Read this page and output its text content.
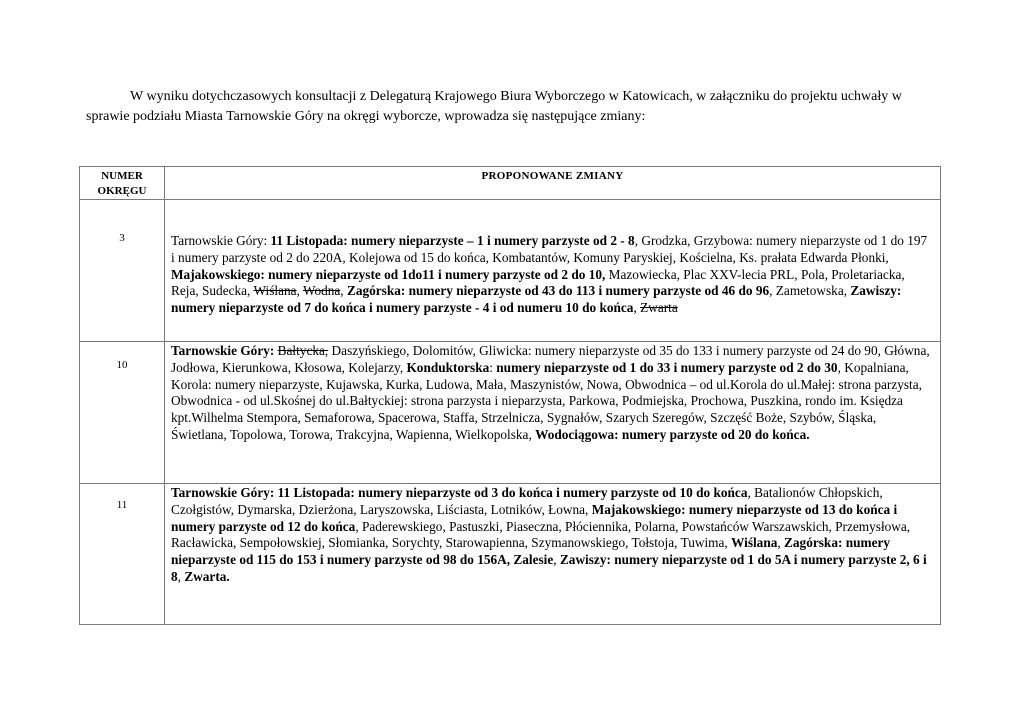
W wyniku dotychczasowych konsultacji z Delegaturą Krajowego Biura Wyborczego w Katowicach, w załączniku do projektu uchwały w sprawie podziału Miasta Tarnowskie Góry na okręgi wyborcze, wprowadza się następujące zmiany:

NUMER
OKRĘGU	PROPONOWANE ZMIANY
3	Tarnowskie Góry: 11 Listopada: numery nieparzyste – 1 i numery parzyste od 2 - 8, Grodzka, Grzybowa: numery nieparzyste od 1 do 197 i numery parzyste od 2 do 220A, Kolejowa od 15 do końca, Kombatantów, Komuny Paryskiej, Kościelna, Ks. prałata Edwarda Płonki, Majakowskiego: numery nieparzyste od 1do11 i numery parzyste od 2 do 10, Mazowiecka, Plac XXV-lecia PRL, Pola, Proletariacka, Reja, Sudecka, Wiślana, Wodna, Zagórska: numery nieparzyste od 43 do 113 i numery parzyste od 46 do 96, Zametowska, Zawiszy: numery nieparzyste od 7 do końca i numery parzyste - 4 i od numeru 10 do końca, Zwarta
10	Tarnowskie Góry: Bałtycka, Daszyńskiego, Dolomitów, Gliwicka: numery nieparzyste od 35 do 133 i numery parzyste od 24 do 90, Główna, Jodłowa, Kierunkowa, Kłosowa, Kolejarzy, Konduktorska: numery nieparzyste od 1 do 33 i numery parzyste od 2 do 30, Kopalniana, Korola: numery nieparzyste, Kujawska, Kurka, Ludowa, Mała, Maszynistów, Nowa, Obwodnica – od ul.Korola do ul.Małej: strona parzysta, Obwodnica - od ul.Skośnej do ul.Bałtyckiej: strona parzysta i nieparzysta, Parkowa, Podmiejska, Prochowa, Puszkina, rondo im. Księdza kpt.Wilhelma Stempora, Semaforowa, Spacerowa, Staffa, Strzelnicza, Sygnałów, Szarych Szeregów, Szczęść Boże, Szybów, Śląska, Świetlana, Topolowa, Torowa, Trakcyjna, Wapienna, Wielkopolska, Wodociągowa: numery parzyste od 20 do końca.
11	Tarnowskie Góry: 11 Listopada: numery nieparzyste od 3 do końca i numery parzyste od 10 do końca, Batalionów Chłopskich, Czołgistów, Dymarska, Dzierżona, Laryszowska, Liściasta, Lotników, Łowna, Majakowskiego: numery nieparzyste od 13 do końca i numery parzyste od 12 do końca, Paderewskiego, Pastuszki, Piaseczna, Płóciennika, Polarna, Powstańców Warszawskich, Przemysłowa, Racławicka, Sempołowskiej, Słomianka, Sorychty, Starowapienna, Szymanowskiego, Tołstoja, Tuwima, Wiślana, Zagórska: numery nieparzyste od 115 do 153 i numery parzyste od 98 do 156A, Zalesie, Zawiszy: numery nieparzyste od 1 do 5A i numery parzyste 2, 6 i 8, Zwarta.
